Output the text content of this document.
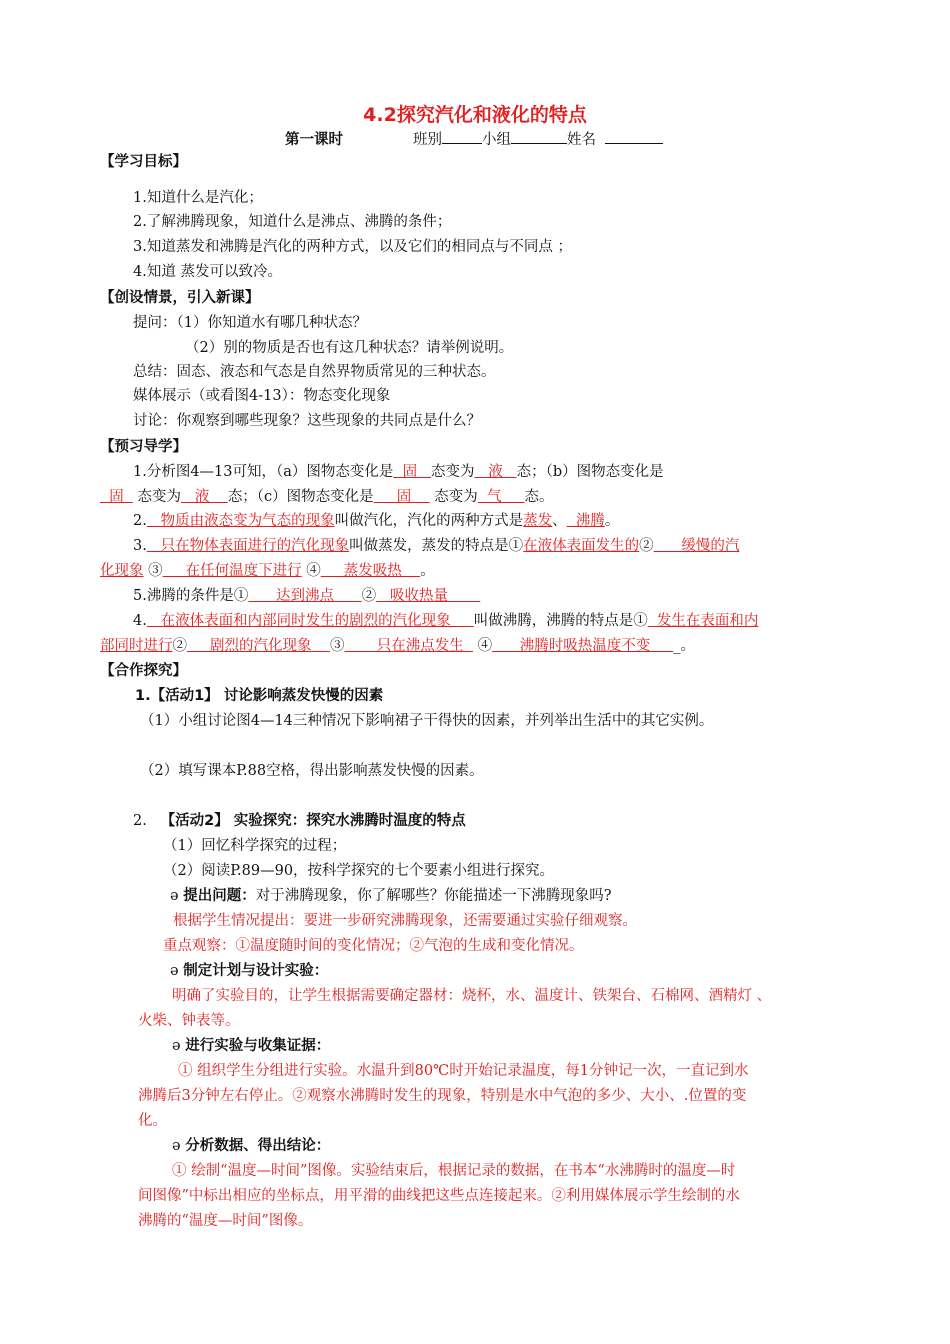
4.2探究汽化和液化的特点
第一课时	班别	小组	姓名
【学习目标】
1.知道什么是汽化；
2.了解沸腾现象，知道什么是沸点、沸腾的条件；
3.知道蒸发和沸腾是汽化的两种方式，以及它们的相同点与不同点 ；
4.知道 蒸发可以致冷。
【创设情景，引入新课】
提问：（1）你知道水有哪几种状态？
（2）别的物质是否也有这几种状态？请举例说明。
总结：固态、液态和气态是自然界物质常见的三种状态。
媒体展示（或看图4-13）：物态变化现象
讨论：你观察到哪些现象？这些现象的共同点是什么？
【预习导学】
1.分析图4—13可知，（a）图物态变化是  固   态变为   液   态；（b）图物态变化是
固   态变为   液    态；（c）图物态变化是     固     态变为  气     态。
2.   物质由液态变为气态的现象叫做汽化，汽化的两种方式是蒸发、  沸腾。
3.   只在物体表面进行的汽化现象叫做蒸发，蒸发的特点是①在液体表面发生的②      缓慢的汽
化现象 ③     在任何温度下进行 ④     蒸发吸热    。
5.沸腾的条件是①      达到沸点      ②   吸收热量
4.   在液体表面和内部同时发生的剧烈的汽化现象     叫做沸腾，沸腾的特点是①  发生在表面和内
部同时进行②     剧烈的汽化现象    ③       只在沸点发生   ④      沸腾时吸热温度不变     _。
【合作探究】
1.【活动1】 讨论影响蒸发快慢的因素
（1）小组讨论图4—14三种情况下影响裙子干得快的因素，并列举出生活中的其它实例。
（2）填写课本P.88空格，得出影响蒸发快慢的因素。
2. 【活动2】 实验探究：探究水沸腾时温度的特点
（1）回忆科学探究的过程；
（2）阅读P.89—90，按科学探究的七个要素小组进行探究。
ə 提出问题：对于沸腾现象，你了解哪些？你能描述一下沸腾现象吗?
根据学生情况提出：要进一步研究沸腾现象，还需要通过实验仔细观察。
重点观察：①温度随时间的变化情况；②气泡的生成和变化情况。
ə 制定计划与设计实验：
明确了实验目的，让学生根据需要确定器材：烧杯，水、温度计、铁架台、石棉网、酒精灯 、
火柴、钟表等。
ə 进行实验与收集证据：
① 组织学生分组进行实验。水温升到80℃时开始记录温度，每1分钟记一次，一直记到水
沸腾后3分钟左右停止。②观察水沸腾时发生的现象，特别是水中气泡的多少、大小、.位置的变
化。
ə 分析数据、得出结论：
① 绘制“温度—时间”图像。实验结束后，根据记录的数据，在书本“水沸腾时的温度—时
间图像”中标出相应的坐标点，用平滑的曲线把这些点连接起来。②利用媒体展示学生绘制的水
沸腾的“温度—时间”图像。
